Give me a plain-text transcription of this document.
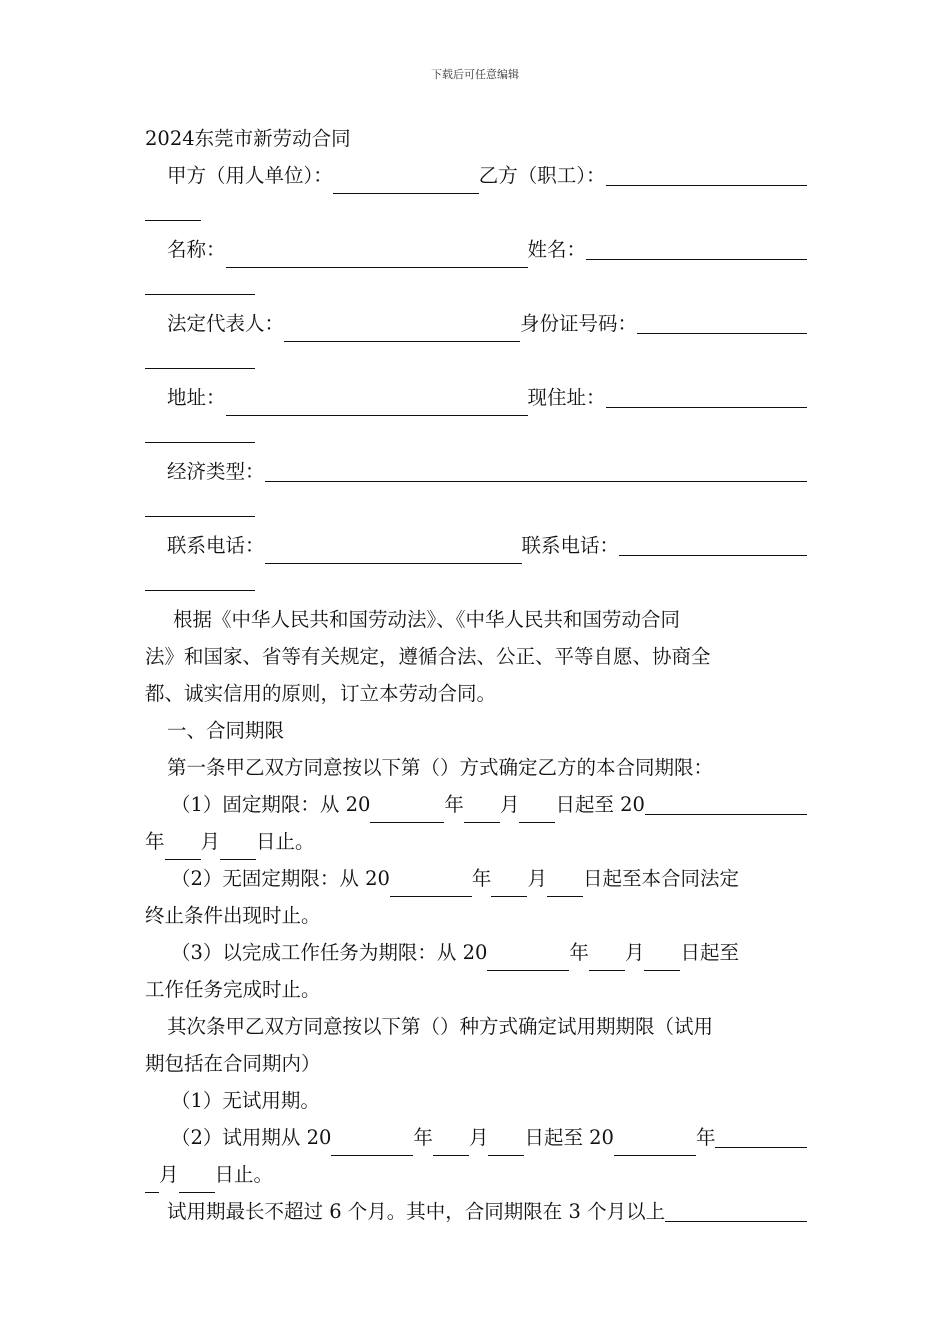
下载后可任意编辑
2024东莞市新劳动合同
甲方（用人单位）：	乙方（职工）：
名称：	姓名：
法定代表人：	身份证号码：
地址：	现住址：
经济类型：
联系电话：	联系电话：
根据《中华人民共和国劳动法》、《中华人民共和国劳动合同
法》和国家、省等有关规定，遵循合法、公正、平等自愿、协商全
都、诚实信用的原则，订立本劳动合同。
一、合同期限
第一条甲乙双方同意按以下第（）方式确定乙方的本合同期限：
（1）固定期限：从 20	年 月 日起至 20
年 月 日止。
（2）无固定期限：从 20	年 月 日起至本合同法定
终止条件出现时止。
（3）以完成工作任务为期限：从 20	年 月 日起至
工作任务完成时止。
其次条甲乙双方同意按以下第（）种方式确定试用期期限（试用
期包括在合同期内）
（1）无试用期。
（2）试用期从 20	年 月 日起至 20	年
月 日止。
试用期最长不超过 6 个月。其中，合同期限在 3 个月以上
